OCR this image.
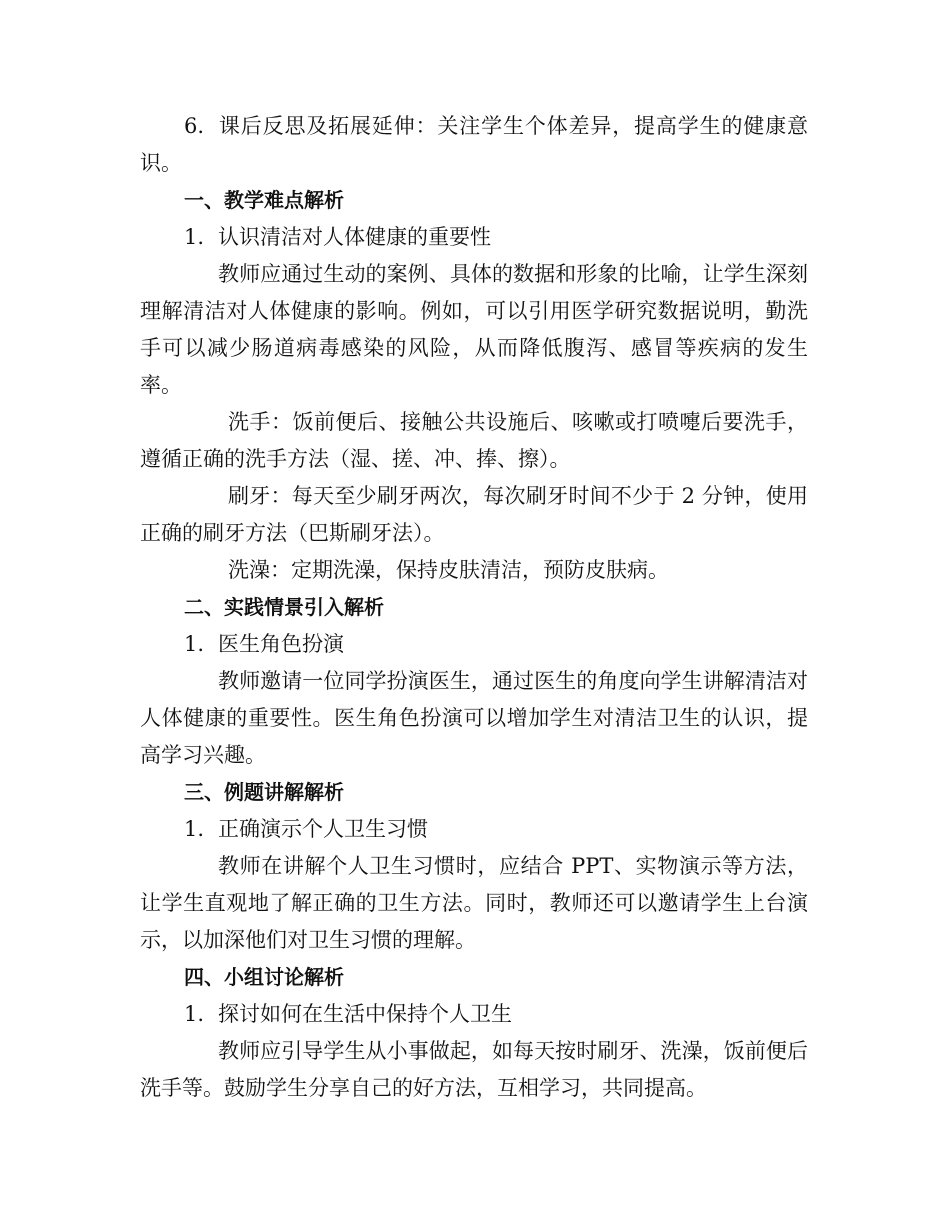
6. 课后反思及拓展延伸：关注学生个体差异，提高学生的健康意识。

一、教学难点解析

1. 认识清洁对人体健康的重要性

教师应通过生动的案例、具体的数据和形象的比喻，让学生深刻理解清洁对人体健康的影响。例如，可以引用医学研究数据说明，勤洗手可以减少肠道病毒感染的风险，从而降低腹泻、感冒等疾病的发生率。

洗手：饭前便后、接触公共设施后、咳嗽或打喷嚏后要洗手，遵循正确的洗手方法（湿、搓、冲、捧、擦）。

刷牙：每天至少刷牙两次，每次刷牙时间不少于 2 分钟，使用正确的刷牙方法（巴斯刷牙法）。

洗澡：定期洗澡，保持皮肤清洁，预防皮肤病。

二、实践情景引入解析

1. 医生角色扮演

教师邀请一位同学扮演医生，通过医生的角度向学生讲解清洁对人体健康的重要性。医生角色扮演可以增加学生对清洁卫生的认识，提高学习兴趣。

三、例题讲解解析

1. 正确演示个人卫生习惯

教师在讲解个人卫生习惯时，应结合 PPT、实物演示等方法，让学生直观地了解正确的卫生方法。同时，教师还可以邀请学生上台演示，以加深他们对卫生习惯的理解。

四、小组讨论解析

1. 探讨如何在生活中保持个人卫生

教师应引导学生从小事做起，如每天按时刷牙、洗澡，饭前便后洗手等。鼓励学生分享自己的好方法，互相学习，共同提高。
